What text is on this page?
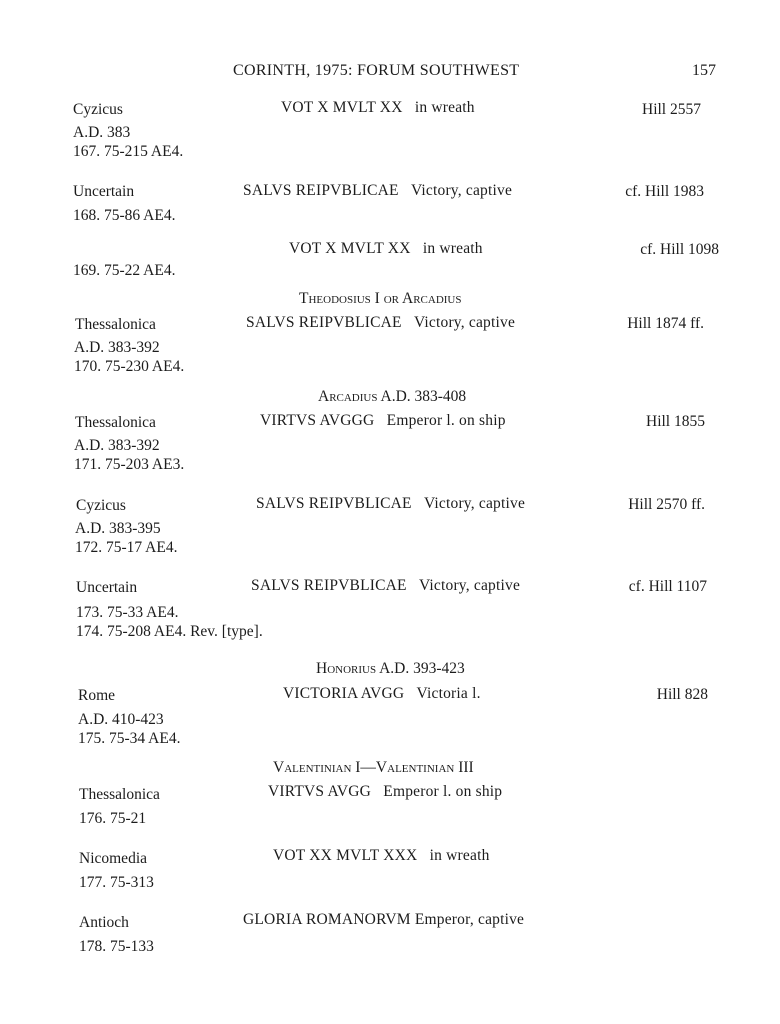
CORINTH, 1975: FORUM SOUTHWEST	157
Cyzicus	VOT X MVLT XX in wreath	Hill 2557
A.D. 383
167. 75-215 AE4.
Uncertain	SALVS REIPVBLICAE Victory, captive	cf. Hill 1983
168. 75-86 AE4.
VOT X MVLT XX in wreath	cf. Hill 1098
169. 75-22 AE4.
Theodosius I or Arcadius
Thessalonica	SALVS REIPVBLICAE Victory, captive	Hill 1874 ff.
A.D. 383-392
170. 75-230 AE4.
Arcadius A.D. 383-408
Thessalonica	VIRTVS AVGGG Emperor l. on ship	Hill 1855
A.D. 383-392
171. 75-203 AE3.
Cyzicus	SALVS REIPVBLICAE Victory, captive	Hill 2570 ff.
A.D. 383-395
172. 75-17 AE4.
Uncertain	SALVS REIPVBLICAE Victory, captive	cf. Hill 1107
173. 75-33 AE4.
174. 75-208 AE4. Rev. [type].
Honorius A.D. 393-423
Rome	VICTORIA AVGG Victoria l.	Hill 828
A.D. 410-423
175. 75-34 AE4.
Valentinian I—Valentinian III
Thessalonica	VIRTVS AVGG Emperor l. on ship
176. 75-21
Nicomedia	VOT XX MVLT XXX in wreath
177. 75-313
Antioch	GLORIA ROMANORVM Emperor, captive
178. 75-133
